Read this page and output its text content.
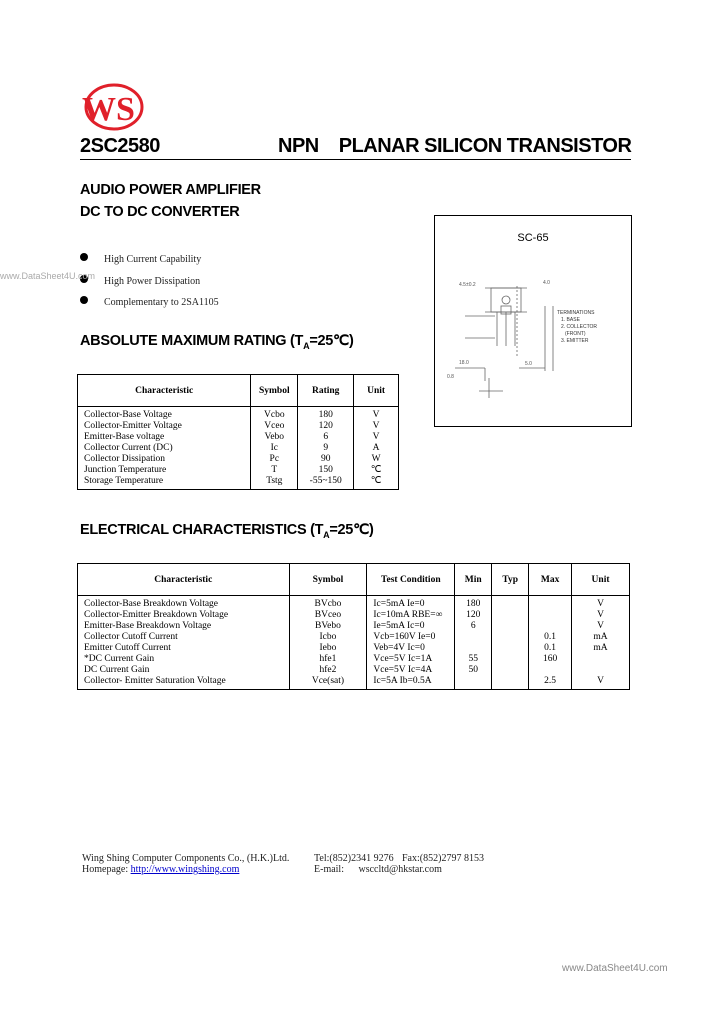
WS
2SC2580	NPN PLANAR SILICON TRANSISTOR
AUDIO POWER AMPLIFIER
DC TO DC CONVERTER
High Current Capability
High Power Dissipation
Complementary to 2SA1105
www.DataSheet4U.com
SC-65
4.5±0.2	4.0
18.0	5.0
0.8
TERMINATIONS
1. BASE
2. COLLECTOR
(FRONT)
3. EMITTER
ABSOLUTE MAXIMUM RATING $(T_A=25℃)$
Characteristic	Symbol	Rating	Unit
Collector-Base Voltage	Vcbo	180	V
Collector-Emitter Voltage	Vceo	120	V
Emitter-Base voltage	Vebo	6	V
Collector Current (DC)	Ic	9	A
Collector Dissipation	Pc	90	W
Junction Temperature	T	150	℃
Storage Temperature	Tstg	-55~150	℃
ELECTRICAL CHARACTERISTICS $(T_A=25℃)$
Characteristic	Symbol	Test Condition	Min	Typ	Max	Unit
Collector-Base Breakdown Voltage	BVcbo	Ic=5mA Ie=0	180			V
Collector-Emitter Breakdown Voltage	BVceo	Ic=10mA RBE=∞	120			V
Emitter-Base Breakdown Voltage	BVebo	Ie=5mA Ic=0	6			V
Collector Cutoff Current	Icbo	Vcb=160V Ie=0			0.1	mA
Emitter Cutoff Current	Iebo	Veb=4V Ic=0			0.1	mA
*DC Current Gain	hfe1	Vce=5V Ic=1A	55		160	
DC Current Gain	hfe2	Vce=5V Ic=4A	50			
Collector- Emitter Saturation Voltage	Vce(sat)	Ic=5A Ib=0.5A			2.5	V
Wing Shing Computer Components Co., (H.K.)Ltd.
Homepage: http://www.wingshing.com
Tel:(852)2341 9276 Fax:(852)2797 8153
E-mail: wsccltd@hkstar.com
www.DataSheet4U.com
